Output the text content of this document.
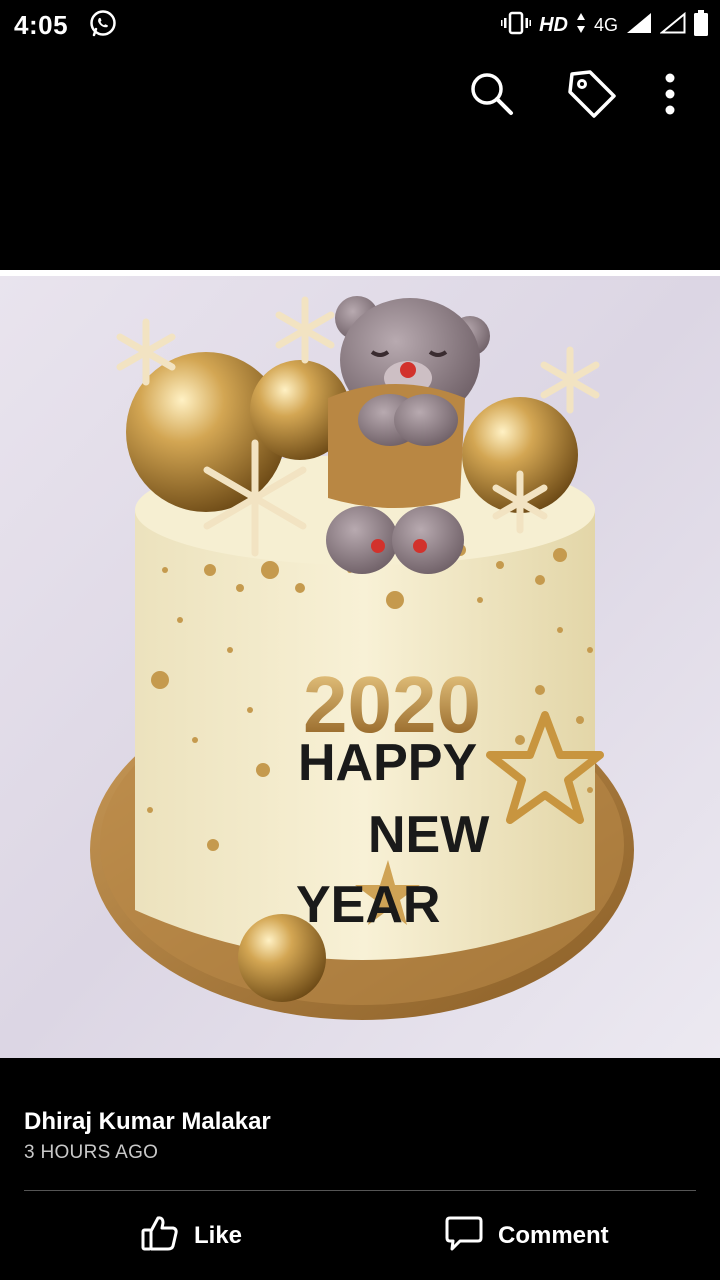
4:05	HD 4G
2020
HAPPY
NEW
YEAR
Dhiraj Kumar Malakar
3 HOURS AGO
Like	Comment
